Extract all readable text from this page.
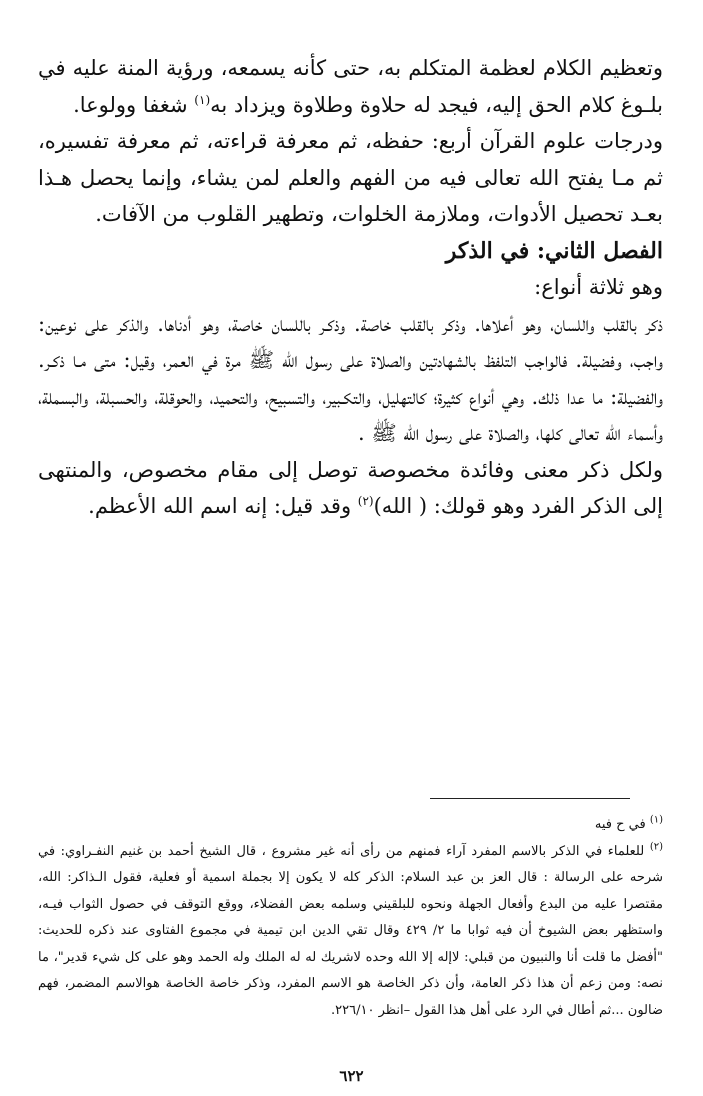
وتعظيم الكلام لعظمة المتكلم به، حتى كأنه يسمعه، ورؤية المنة عليه في بلـوغ كلام الحق إليه، فيجد له حلاوة وطلاوة ويزداد به$^{(١)}$ شغفا وولوعا.

ودرجات علوم القرآن أربع: حفظه، ثم معرفة قراءته، ثم معرفة تفسيره، ثم مـا يفتح الله تعالى فيه من الفهم والعلم لمن يشاء، وإنما يحصل هـذا بعـد تحصيل الأدوات، وملازمة الخلوات، وتطهير القلوب من الآفات.

الفصل الثاني: في الذكر

وهو ثلاثة أنواع:

ذكر بالقلب واللسان، وهو أعلاها. وذكر بالقلب خاصة. وذكـر باللسان خاصة، وهو أدناها. والذكر على نوعين: واجب، وفضيلة. فالواجب التلفظ بالشهادتين والصلاة على رسول الله ﷺ مرة في العمر، وقيل: متى مـا ذكـر. والفضيلة: ما عدا ذلك. وهي أنواع كثيرة؛ كالتهليل، والتكـبير، والتسبيح، والتحميد، والحوقلة، والحسبلة، والبسملة، وأسماء الله تعالى كلها، والصلاة على رسول الله ﷺ .

ولكل ذكر معنى وفائدة مخصوصة توصل إلى مقام مخصوص، والمنتهى إلى الذكر الفرد وهو قولك: ( الله)$^{(٢)}$ وقد قيل: إنه اسم الله الأعظم.

$^{(١)}$ في ح فيه

$^{(٢)}$ للعلماء في الذكر بالاسم المفرد آراء فمنهم من رأى أنه غير مشروع ، قال الشيخ أحمد بن غنيم النفـراوي: في شرحه على الرسالة : قال العز بن عبد السلام: الذكر كله لا يكون إلا بجملة اسمية أو فعلية، فقول الـذاكر: الله، مقتصرا عليه من البدع وأفعال الجهلة ونحوه للبلقيني وسلمه بعض الفضلاء، ووقع التوقف في حصول الثواب فيـه، واستظهر بعض الشيوخ أن فيه ثوابا ما ٢/ ٤٢٩ وقال تقي الدين ابن تيمية في مجموع الفتاوى عند ذكره للحديث: "أفضل ما قلت أنا والنبيون من قبلي: لاإله إلا الله وحده لاشريك له له الملك وله الحمد وهو على كل شيء قدير"، ما نصه: ومن زعم أن هذا ذكر العامة، وأن ذكر الخاصة هو الاسم المفرد، وذكر خاصة الخاصة هوالاسم المضمر، فهم ضالون ...ثم أطال في الرد على أهل هذا القول –انظر ٢٢٦/١٠.

٦٢٢
